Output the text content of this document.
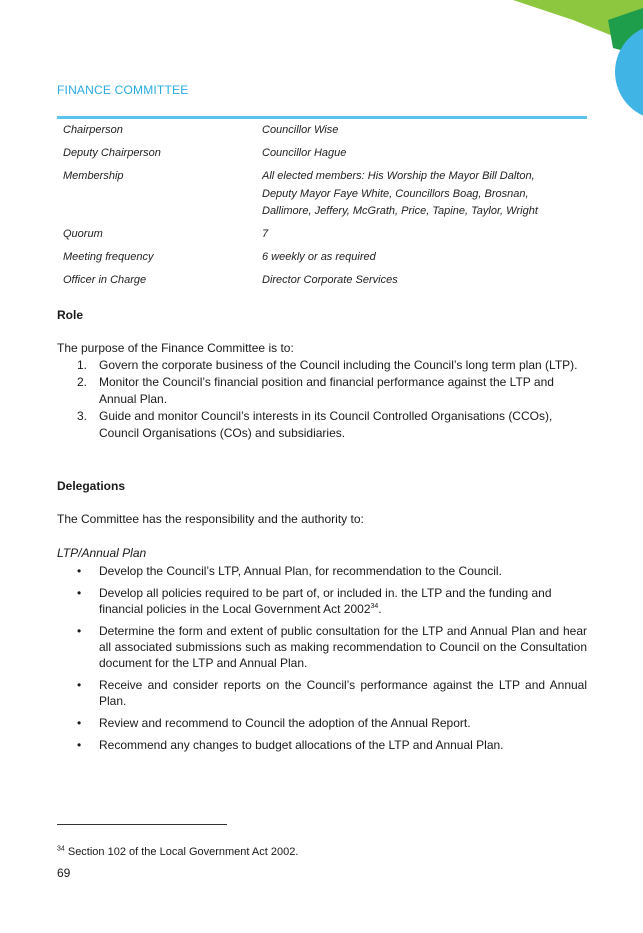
FINANCE COMMITTEE
Chairperson	Councillor Wise
Deputy Chairperson	Councillor Hague
Membership	All elected members: His Worship the Mayor Bill Dalton, Deputy Mayor Faye White, Councillors Boag, Brosnan, Dallimore, Jeffery, McGrath, Price, Tapine, Taylor, Wright
Quorum	7
Meeting frequency	6 weekly or as required
Officer in Charge	Director Corporate Services
Role

The purpose of the Finance Committee is to:

1. Govern the corporate business of the Council including the Council’s long term plan (LTP).
2. Monitor the Council’s financial position and financial performance against the LTP and Annual Plan.
3. Guide and monitor Council’s interests in its Council Controlled Organisations (CCOs), Council Organisations (COs) and subsidiaries.
Delegations

The Committee has the responsibility and the authority to:

LTP/Annual Plan

• Develop the Council’s LTP, Annual Plan, for recommendation to the Council.
• Develop all policies required to be part of, or included in. the LTP and the funding and financial policies in the Local Government Act 2002$^{34}$.
• Determine the form and extent of public consultation for the LTP and Annual Plan and hear all associated submissions such as making recommendation to Council on the Consultation document for the LTP and Annual Plan.
• Receive and consider reports on the Council’s performance against the LTP and Annual Plan.
• Review and recommend to Council the adoption of the Annual Report.
• Recommend any changes to budget allocations of the LTP and Annual Plan.
$^{34}$ Section 102 of the Local Government Act 2002.
69
